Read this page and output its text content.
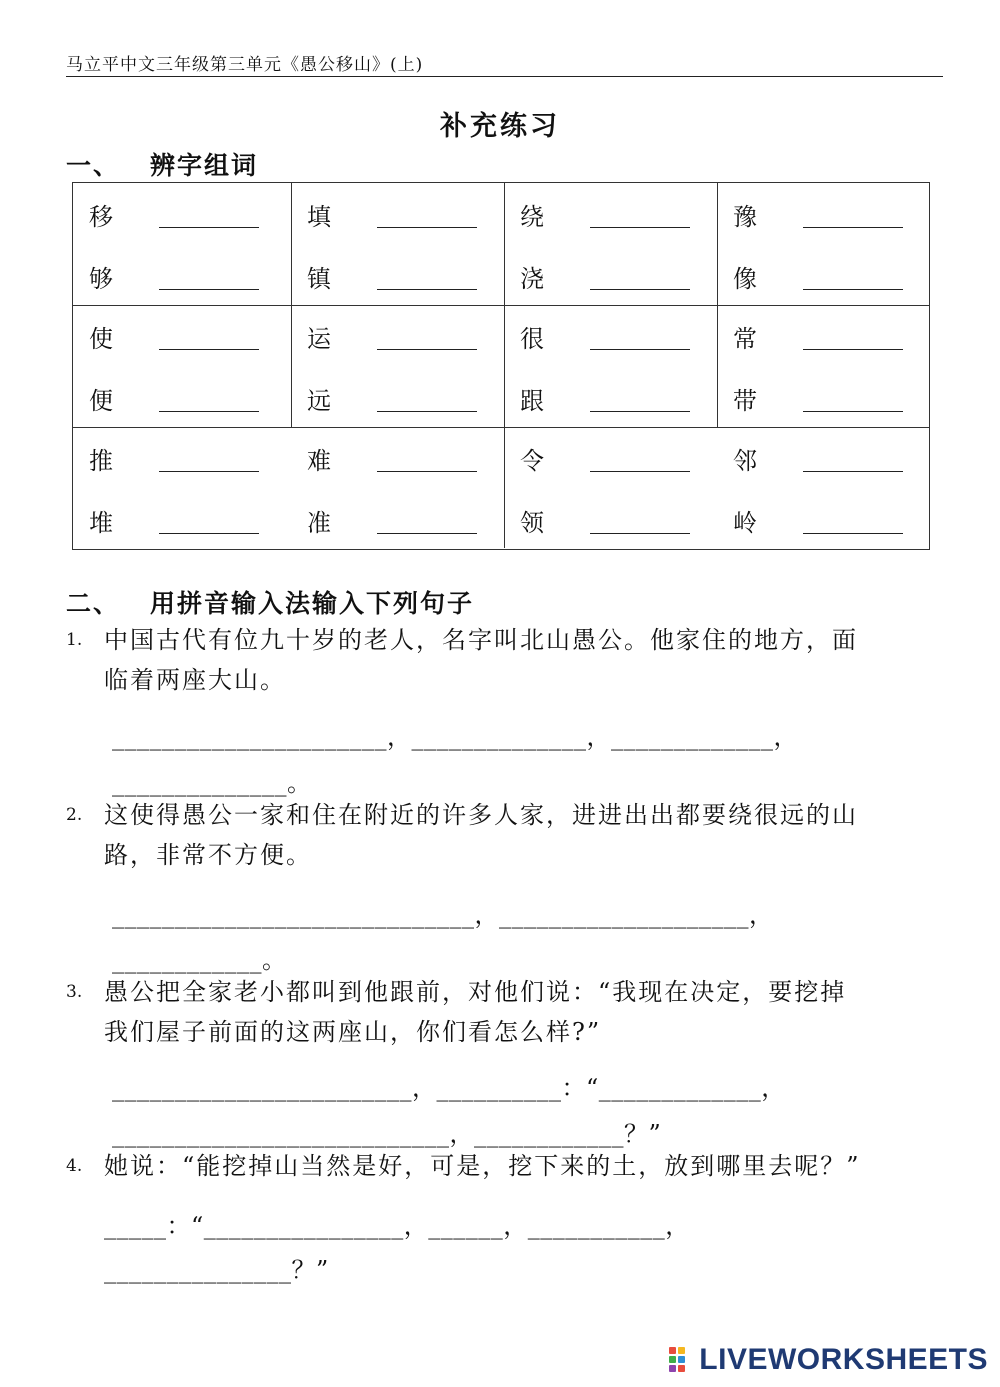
马立平中文三年级第三单元《愚公移山》(上)
补充练习
一、 辨字组词
移
够
填
镇
绕
浇
豫
像
使
便
运
远
很
跟
常
带
推
堆
难
准
令
领
邻
岭
二、 用拼音输入法输入下列句子
1. 中国古代有位九十岁的老人，名字叫北山愚公。他家住的地方，面
临着两座大山。
______________________，______________，_____________，
______________。
2. 这使得愚公一家和住在附近的许多人家，进进出出都要绕很远的山
路，非常不方便。
_____________________________，____________________，
____________。
3. 愚公把全家老小都叫到他跟前，对他们说：“我现在决定，要挖掉
我们屋子前面的这两座山，你们看怎么样?”
________________________，__________：“_____________，
___________________________，____________？”
4. 她说：“能挖掉山当然是好，可是，挖下来的土，放到哪里去呢？”
_____：“________________，______，___________，
_______________？”
LIVEWORKSHEETS
